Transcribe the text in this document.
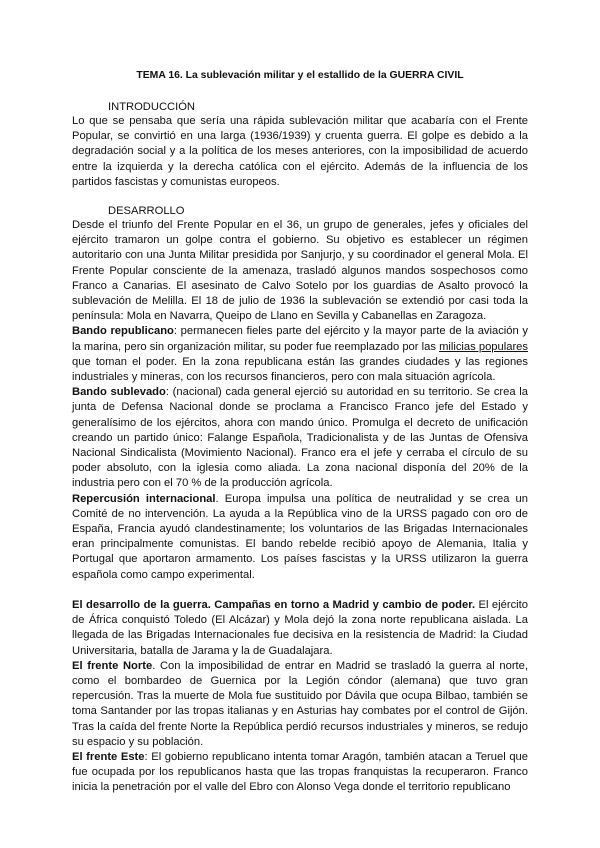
TEMA 16. La sublevación militar y el estallido de la GUERRA CIVIL
INTRODUCCIÓN

Lo que se pensaba que sería una rápida sublevación militar que acabaría con el Frente Popular, se convirtió en una larga (1936/1939) y cruenta guerra. El golpe es debido a la degradación social y a la política de los meses anteriores, con la imposibilidad de acuerdo entre la izquierda y la derecha católica con el ejército. Además de la influencia de los partidos fascistas y comunistas europeos.

DESARROLLO

Desde el triunfo del Frente Popular en el 36, un grupo de generales, jefes y oficiales del ejército tramaron un golpe contra el gobierno. Su objetivo es establecer un régimen autoritario con una Junta Militar presidida por Sanjurjo, y su coordinador el general Mola. El Frente Popular consciente de la amenaza, trasladó algunos mandos sospechosos como Franco a Canarias. El asesinato de Calvo Sotelo por los guardias de Asalto provocó la sublevación de Melilla. El 18 de julio de 1936 la sublevación se extendió por casi toda la península: Mola en Navarra, Queipo de Llano en Sevilla y Cabanellas en Zaragoza.

Bando republicano: permanecen fieles parte del ejército y la mayor parte de la aviación y la marina, pero sin organización militar, su poder fue reemplazado por las milicias populares que toman el poder. En la zona republicana están las grandes ciudades y las regiones industriales y mineras, con los recursos financieros, pero con mala situación agrícola.

Bando sublevado: (nacional) cada general ejerció su autoridad en su territorio. Se crea la junta de Defensa Nacional donde se proclama a Francisco Franco jefe del Estado y generalísimo de los ejércitos, ahora con mando único. Promulga el decreto de unificación creando un partido único: Falange Española, Tradicionalista y de las Juntas de Ofensiva Nacional Sindicalista (Movimiento Nacional). Franco era el jefe y cerraba el círculo de su poder absoluto, con la iglesia como aliada. La zona nacional disponía del 20% de la industria pero con el 70 % de la producción agrícola.

Repercusión internacional. Europa impulsa una política de neutralidad y se crea un Comité de no intervención. La ayuda a la República vino de la URSS pagado con oro de España, Francia ayudó clandestinamente; los voluntarios de las Brigadas Internacionales eran principalmente comunistas. El bando rebelde recibió apoyo de Alemania, Italia y Portugal que aportaron armamento. Los países fascistas y la URSS utilizaron la guerra española como campo experimental.

El desarrollo de la guerra. Campañas en torno a Madrid y cambio de poder. El ejército de África conquistó Toledo (El Alcázar) y Mola dejó la zona norte republicana aislada. La llegada de las Brigadas Internacionales fue decisiva en la resistencia de Madrid: la Ciudad Universitaria, batalla de Jarama y la de Guadalajara.

El frente Norte. Con la imposibilidad de entrar en Madrid se trasladó la guerra al norte, como el bombardeo de Guernica por la Legión cóndor (alemana) que tuvo gran repercusión. Tras la muerte de Mola fue sustituido por Dávila que ocupa Bilbao, también se toma Santander por las tropas italianas y en Asturias hay combates por el control de Gijón. Tras la caída del frente Norte la República perdió recursos industriales y mineros, se redujo su espacio y su población.

El frente Este: El gobierno republicano intenta tomar Aragón, también atacan a Teruel que fue ocupada por los republicanos hasta que las tropas franquistas la recuperaron. Franco inicia la penetración por el valle del Ebro con Alonso Vega donde el territorio republicano
